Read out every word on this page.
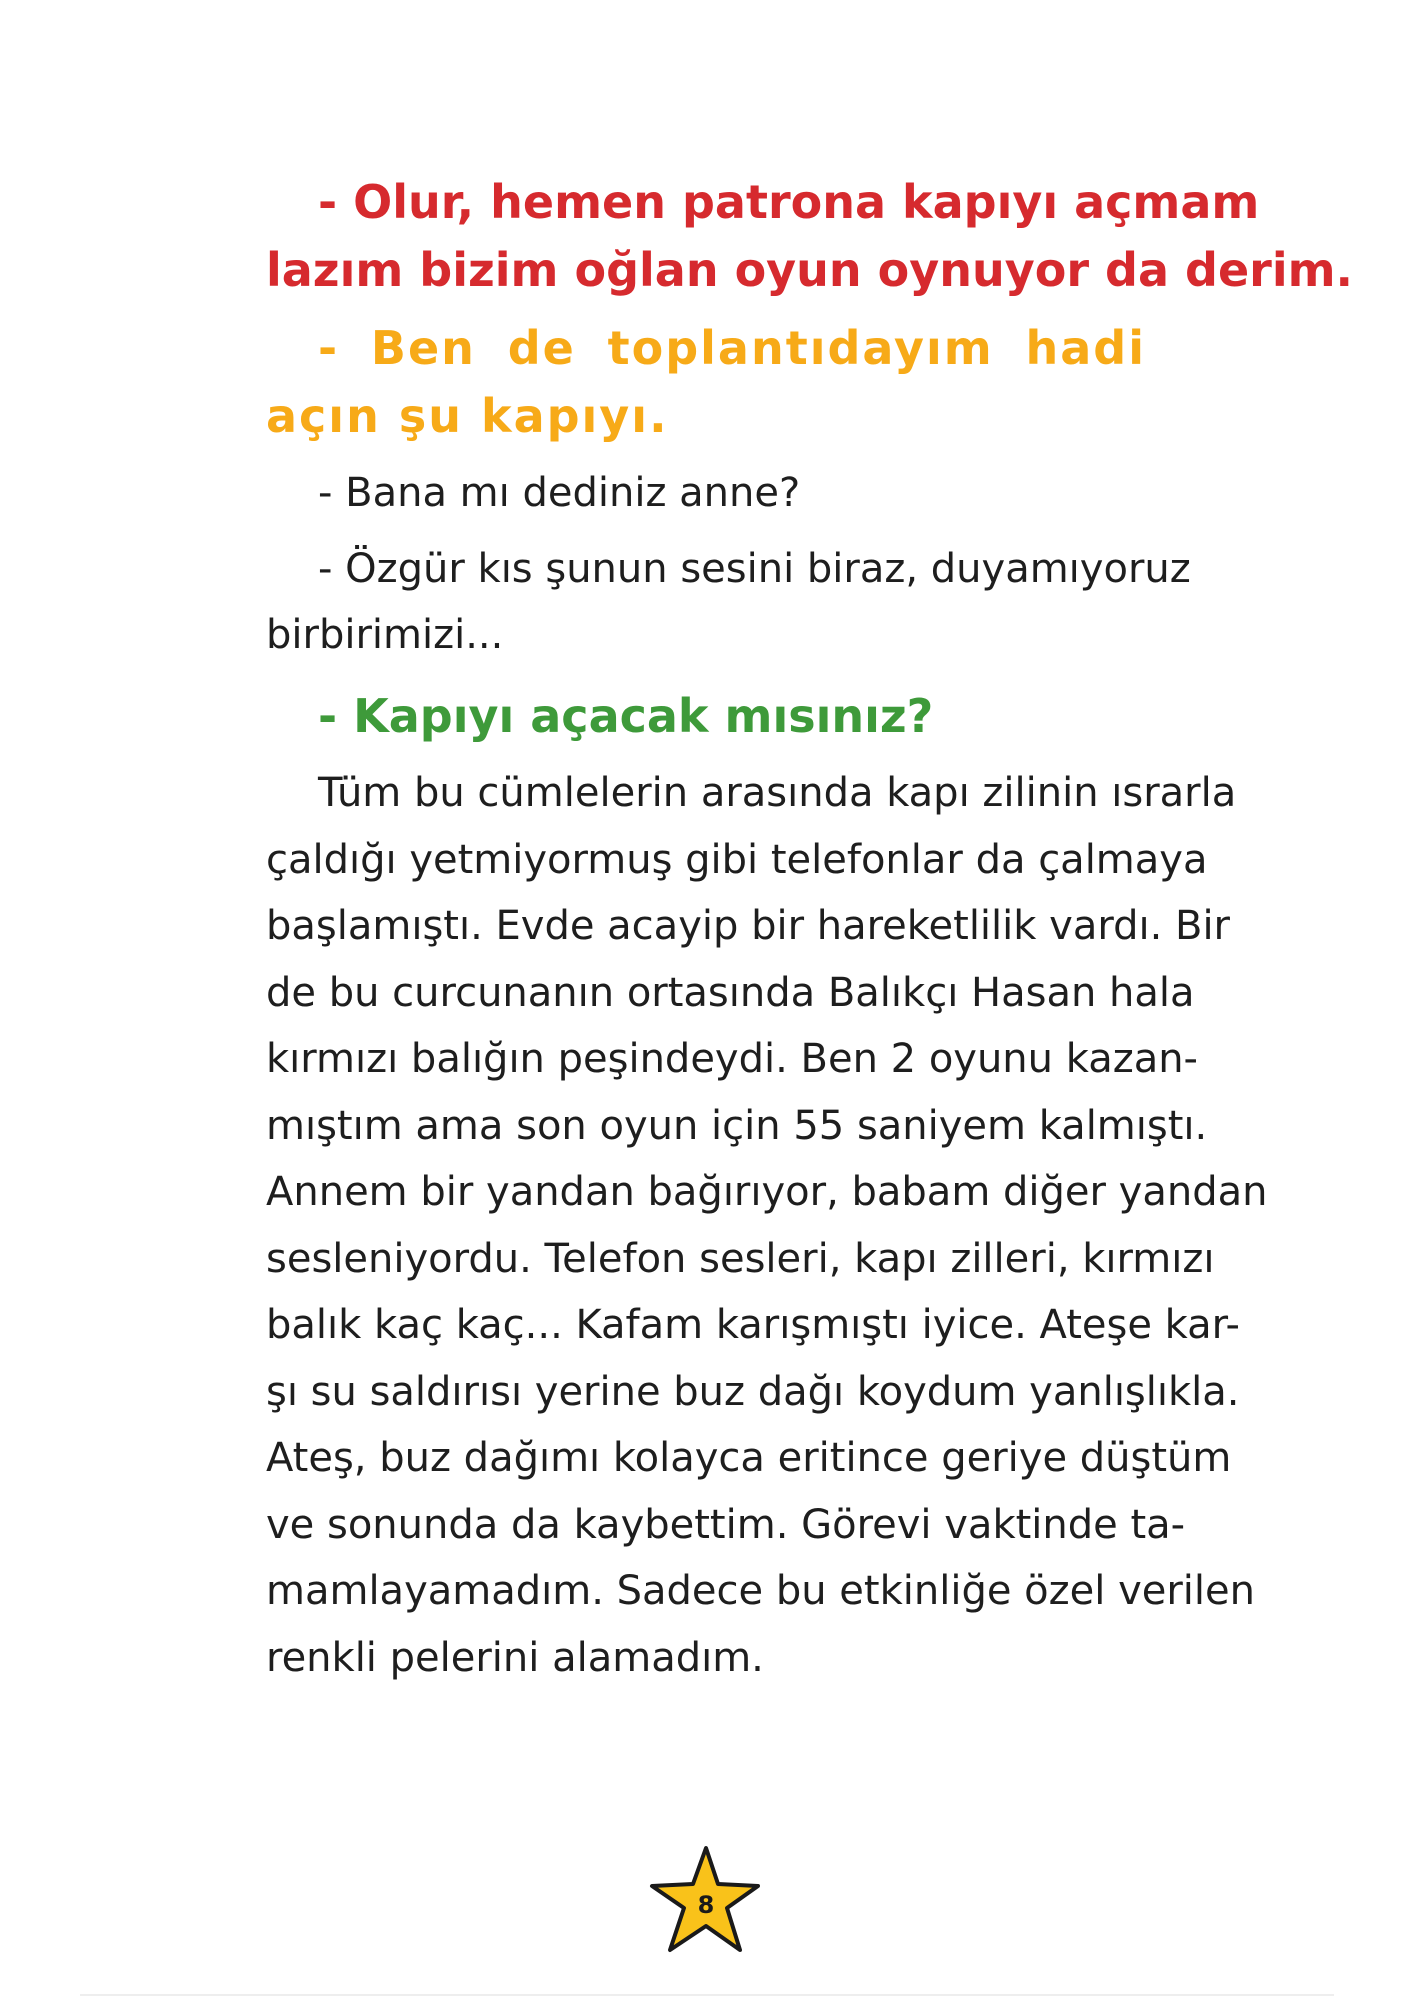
- Olur, hemen patrona kapıyı açmam

lazım bizim oğlan oyun oynuyor da derim.

- Ben de toplantıdayım hadi

açın şu kapıyı.

- Bana mı dediniz anne?

- Özgür kıs şunun sesini biraz, duyamıyoruz

birbirimizi...

- Kapıyı açacak mısınız?

Tüm bu cümlelerin arasında kapı zilinin ısrarla

çaldığı yetmiyormuş gibi telefonlar da çalmaya

başlamıştı. Evde acayip bir hareketlilik vardı. Bir

de bu curcunanın ortasında Balıkçı Hasan hala

kırmızı balığın peşindeydi. Ben 2 oyunu kazan-

mıştım ama son oyun için 55 saniyem kalmıştı.

Annem bir yandan bağırıyor, babam diğer yandan

sesleniyordu. Telefon sesleri, kapı zilleri, kırmızı

balık kaç kaç... Kafam karışmıştı iyice. Ateşe kar-

şı su saldırısı yerine buz dağı koydum yanlışlıkla.

Ateş, buz dağımı kolayca eritince geriye düştüm

ve sonunda da kaybettim. Görevi vaktinde ta-

mamlayamadım. Sadece bu etkinliğe özel verilen

renkli pelerini alamadım.

8
